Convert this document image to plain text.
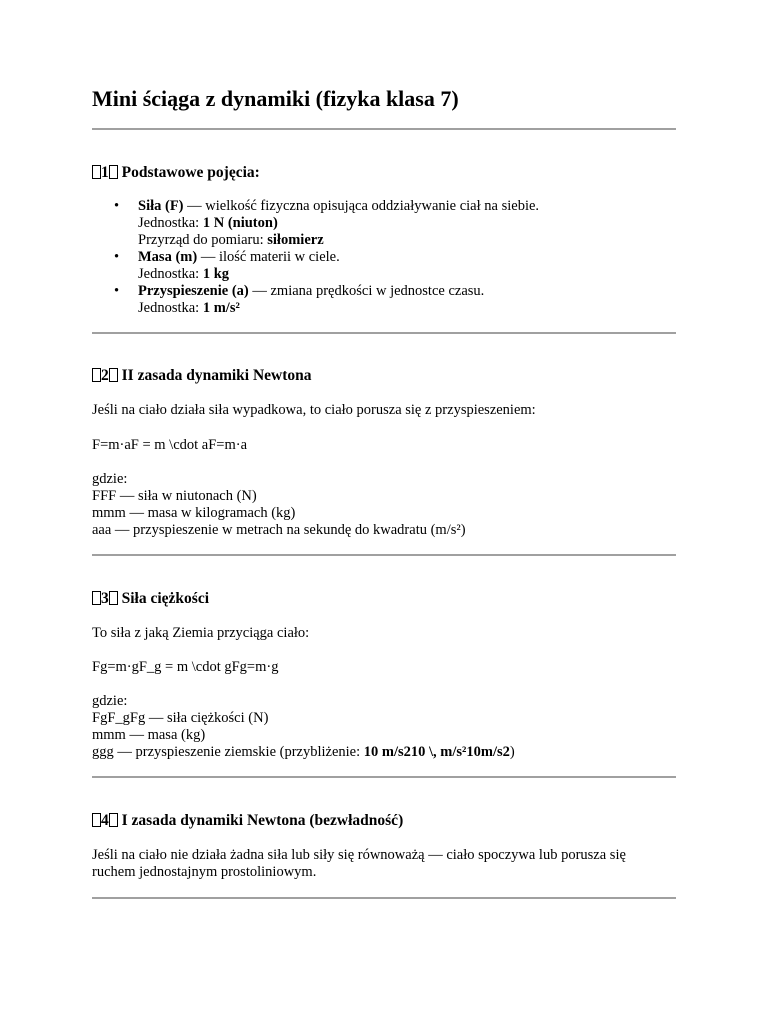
Mini ściąga z dynamiki (fizyka klasa 7)
1 Podstawowe pojęcia:
• Siła (F) — wielkość fizyczna opisująca oddziaływanie ciał na siebie.
Jednostka: 1 N (niuton)
Przyrząd do pomiaru: siłomierz
• Masa (m) — ilość materii w ciele.
Jednostka: 1 kg
• Przyspieszenie (a) — zmiana prędkości w jednostce czasu.
Jednostka: 1 m/s²
2 II zasada dynamiki Newtona

Jeśli na ciało działa siła wypadkowa, to ciało porusza się z przyspieszeniem:

F=m·aF = m \cdot aF=m·a

gdzie:
FFF — siła w niutonach (N)
mmm — masa w kilogramach (kg)
aaa — przyspieszenie w metrach na sekundę do kwadratu (m/s²)

3 Siła ciężkości

To siła z jaką Ziemia przyciąga ciało:

Fg=m·gF_g = m \cdot gFg=m·g

gdzie:
FgF_gFg — siła ciężkości (N)
mmm — masa (kg)
ggg — przyspieszenie ziemskie (przybliżenie: 10 m/s210 \, m/s²10m/s2)

4 I zasada dynamiki Newtona (bezwładność)

Jeśli na ciało nie działa żadna siła lub siły się równoważą — ciało spoczywa lub porusza się
ruchem jednostajnym prostoliniowym.
